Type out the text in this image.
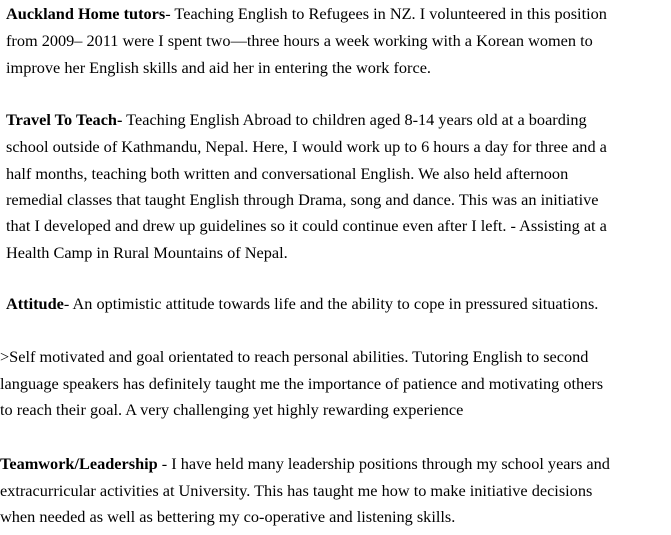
Auckland Home tutors- Teaching English to Refugees in NZ. I volunteered in this position
from 2009– 2011 were I spent two—three hours a week working with a Korean women to
improve her English skills and aid her in entering the work force.
Travel To Teach- Teaching English Abroad to children aged 8-14 years old at a boarding
school outside of Kathmandu, Nepal. Here, I would work up to 6 hours a day for three and a
half months, teaching both written and conversational English. We also held afternoon
remedial classes that taught English through Drama, song and dance. This was an initiative
that I developed and drew up guidelines so it could continue even after I left. - Assisting at a
Health Camp in Rural Mountains of Nepal.
Attitude- An optimistic attitude towards life and the ability to cope in pressured situations.
>Self motivated and goal orientated to reach personal abilities. Tutoring English to second
language speakers has definitely taught me the importance of patience and motivating others
to reach their goal. A very challenging yet highly rewarding experience
Teamwork/Leadership - I have held many leadership positions through my school years and
extracurricular activities at University. This has taught me how to make initiative decisions
when needed as well as bettering my co-operative and listening skills.
